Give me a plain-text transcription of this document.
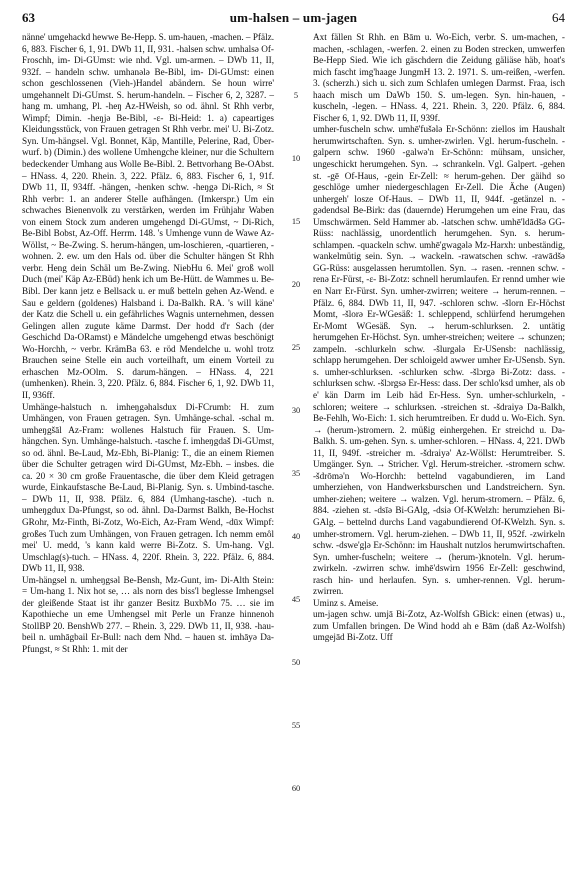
63	um-halsen – um-jagen	64

nänne' umgehackd hewwe Be-Hepp. S. um-hauen, -machen. – Pfälz. 6, 883. Fischer 6, 1, 91. DWb 11, II, 931. -halsen schw. umhalsə Of-Froschh, im- Di-GUmst: wie nhd. Vgl. um-armen. – DWb 11, II, 932f. – handeln schw. umhanələ Be-Bibl, im- Di-GUmst: einen schon geschlossenen (Vieh-)Handel abändern. Se houn wirre' umgehannelt Di-GUmst. S. herum-handeln. – Fischer 6, 2, 3287. – hang m. umhang, Pl. -heŋ Az-HWeish, so od. ähnl. St Rhh verbr, Wimpf; Dimin. -heŋjə Be-Bibl, -ɛ- Bi-Heid: 1. a) capeartiges Kleidungsstück, von Frauen getragen St Rhh verbr. mei' U. Bi-Zotz. Syn. Um-hängsel. Vgl. Bonnet, Käp, Mantille, Pelerine, Rad, Über-wurf. b) (Dimin.) des wollene Umhengche kleiner, nur die Schultern bedeckender Umhang aus Wolle Be-Bibl. 2. Bettvorhang Be-OAbst. – HNass. 4, 220. Rhein. 3, 222. Pfälz. 6, 883. Fischer 6, 1, 91f. DWb 11, II, 934ff. -hängen, -henken schw. -heŋgə Di-Rich, ≈ St Rhh verbr: 1. an anderer Stelle aufhängen. (Imkerspr.) Um ein schwaches Bienenvolk zu verstärken, werden im Frühjahr Waben von einem Stock zum anderen umgehengd Di-GUmst, ~ Di-Rich, Be-Bibl Bobst, Az-Off. Herrm. 148. 's Umhenge vunn de Wawe Az-Wöllst, ~ Be-Zwing. S. herum-hängen, um-loschieren, -quartieren, -wohnen. 2. ew. um den Hals od. über die Schulter hängen St Rhh verbr. Heng dein Schäl um Be-Zwing. NiebHu 6. Mei' groß woll Duch (mei' Käp Az-EBüd) henk ich um Be-Hütt. de Wammes u. Be-Bibl. Der kann jetz e Bellsack u. er muß betteln gehen Az-Wend. e Sau e geldern (goldenes) Halsband i. Da-Balkh. RA. 's will käne' der Katz die Schell u. ein gefährliches Wagnis unternehmen, dessen Gelingen allen zugute käme Darmst. Der hodd d'r Sach (der Geschichd Da-ORamst) e Mändelche umgehengd etwas beschönigt Wo-Horchh, ~ verbr. KrämBa 63. e röd Mendelche u. wohl trotz Brauchen seine Stelle ein auch vorteilhaft, um einem Vorteil zu erhaschen Mz-OOlm. S. darum-hängen. – HNass. 4, 221 (umhenken). Rhein. 3, 220. Pfälz. 6, 884. Fischer 6, 1, 92. DWb 11, II, 936ff.

Umhänge-halstuch n. imheŋgəhalsdux Di-FCrumb: H. zum Umhängen, von Frauen getragen. Syn. Umhänge-schal. -schal m. umheŋgšāl Az-Fram: wollenes Halstuch für Frauen. S. Um-hängchen. Syn. Umhänge-halstuch. -tasche f. imheŋgdaš Di-GUmst, so od. ähnl. Be-Laud, Mz-Ebh, Bi-Planig: T., die an einem Riemen über die Schulter getragen wird Di-GUmst, Mz-Ebh. – insbes. die ca. 20 × 30 cm große Frauentasche, die über dem Kleid getragen wurde, Einkaufstasche Be-Laud, Bi-Planig. Syn. s. Umbind-tasche. – DWb 11, II, 938. Pfälz. 6, 884 (Umhang-tasche). -tuch n. umheŋgdux Da-Pfungst, so od. ähnl. Da-Darmst Balkh, Be-Hochst GRohr, Mz-Finth, Bi-Zotz, Wo-Eich, Az-Fram Wend, -dūx Wimpf: großes Tuch zum Umhängen, von Frauen getragen. Ich nemm emôl mei' U. medd, 's kann kald werre Bi-Zotz. S. Um-hang. Vgl. Umschlag(s)-tuch. – HNass. 4, 220f. Rhein. 3, 222. Pfälz. 6, 884. DWb 11, II, 938.

Um-hängsel n. umheŋgsəl Be-Bensh, Mz-Gunt, im- Di-Alth Stein: = Um-hang 1. Nix hot se, … als norn des biss'l beglesse Imhengsel der gleißende Staat ist ihr ganzer Besitz BuxbMo 75. … sie im Kapothieche un eme Umhengsel mit Perle un Franze hinnenoh StollBP 20. BenshWb 277. – Rhein. 3, 229. DWb 11, II, 938. -hau-beil n. umhāgbail Er-Bull: nach dem Nhd. – hauen st. imhāyə Da-Pfungst, ≈ St Rhh: 1. mit der

5
10
15
20
25
30
35
40
45
50
55
60

Axt fällen St Rhh. en Bām u. Wo-Eich, verbr. S. um-machen, -machen, -schlagen, -werfen. 2. einen zu Boden strecken, umwerfen Be-Hepp Sied. Wie ich gäschdern die Zeidung gäliäse häb, hoat's mich fascht img'haage JungmH 13. 2. 1971. S. um-reißen, -werfen. 3. (scherzh.) sich u. sich zum Schlafen umlegen Darmst. Fraa, isch haach misch um DaWb 150. S. um-legen. Syn. hin-hauen, -kuscheln, -legen. – HNass. 4, 221. Rhein. 3, 220. Pfälz. 6, 884. Fischer 6, 1, 92. DWb 11, II, 939f.

umher-fuscheln schw. umhē'fušələ Er-Schönn: ziellos im Haushalt herumwirtschaften. Syn. s. umher-zwirlen. Vgl. herum-fuscheln. -galpern schw. 1960 -galwə'n Er-Schönn: mühsam, unsicher, ungeschickt herumgehen. Syn. → schrankeln. Vgl. Galpert. -gehen st. -gē Of-Haus, -gein Er-Zell: ≈ herum-gehen. Der gäihd so geschlöge umher niedergeschlagen Er-Zell. Die Äche (Augen) unhergeh' losze Of-Haus. – DWb 11, II, 944f. -getänzel n. -gədendsəl Be-Birk: das (dauernde) Herumgehen um eine Frau, das Umschwärmen. Seld Hammer ab. -latschen schw. umhē'ldādšə GG-Rüss: nachlässig, unordentlich herumgehen. Syn. s. herum-schlampen. -quackeln schw. umhē'gwagələ Mz-Harxh: unbeständig, wankelmütig sein. Syn. → wackeln. -rawatschen schw. -rawādšə GG-Rüss: ausgelassen herumtollen. Syn. → rasen. -rennen schw. -renə Er-Fürst, -ɛ- Bi-Zotz: schnell herumlaufen. Er rennd umher wie en Narr Er-Fürst. Syn. umher-zwirren; weitere → herum-rennen. – Pfälz. 6, 884. DWb 11, II, 947. -schloren schw. -šlorn Er-Höchst Momt, -šlorə Er-WGesäß: 1. schleppend, schlürfend herumgehen Er-Momt WGesäß. Syn. → herum-schlurksen. 2. untätig herumgehen Er-Höchst. Syn. umher-streichen; weitere → schunzen; zampeln. -schlurkeln schw. -šlurgələ Er-USensb: nachlässig, schlapp herumgehen. Der schloigeld awwer umher Er-USensb. Syn. s. umher-schlurksen. -schlurken schw. -šlɔrgə Bi-Zotz: dass. -schlurksen schw. -šlɔrgsə Er-Hess: dass. Der schlo'ksd umher, als ob e' kän Darm im Leib häd Er-Hess. Syn. umher-schlurkeln, -schloren; weitere → schlurksen. -streichen st. -šdraiyə Da-Balkh, Be-Fehlh, Wo-Eich: 1. sich herumtreiben. Er dudd u. Wo-Eich. Syn. → (herum-)stromern. 2. müßig einhergehen. Er streichd u. Da-Balkh. S. um-gehen. Syn. s. umher-schloren. – HNass. 4, 221. DWb 11, II, 949f. -streicher m. -šdraiyə' Az-Wöllst: Herumtreiber. S. Umgänger. Syn. → Stricher. Vgl. Herum-streicher. -stromern schw. -šdrōmə'n Wo-Horchh: bettelnd vagabundieren, im Land umherziehen, von Handwerksburschen und Landstreichern. Syn. umher-ziehen; weitere → walzen. Vgl. herum-stromern. – Pfälz. 6, 884. -ziehen st. -dsīə Bi-GAlg, -dsiə Of-KWelzh: herumziehen Bi-GAlg. – bettelnd durchs Land vagabundierend Of-KWelzh. Syn. s. umher-stromern. Vgl. herum-ziehen. – DWb 11, II, 952f. -zwirkeln schw. -dswe'gļə Er-Schönn: im Haushalt nutzlos herumwirtschaften. Syn. umher-fuscheln; weitere → (herum-)knoteln. Vgl. herum-zwirkeln. -zwirren schw. imhē'dswirn 1956 Er-Zell: geschwind, rasch hin- und herlaufen. Syn. s. umher-rennen. Vgl. herum-zwirren.

Uminz s. Ameise.

um-jagen schw. umjā Bi-Zotz, Az-Wolfsh GBick: einen (etwas) u., zum Umfallen bringen. De Wind hodd ah e Bām (daß Az-Wolfsh) umgejād Bi-Zotz. Uff
